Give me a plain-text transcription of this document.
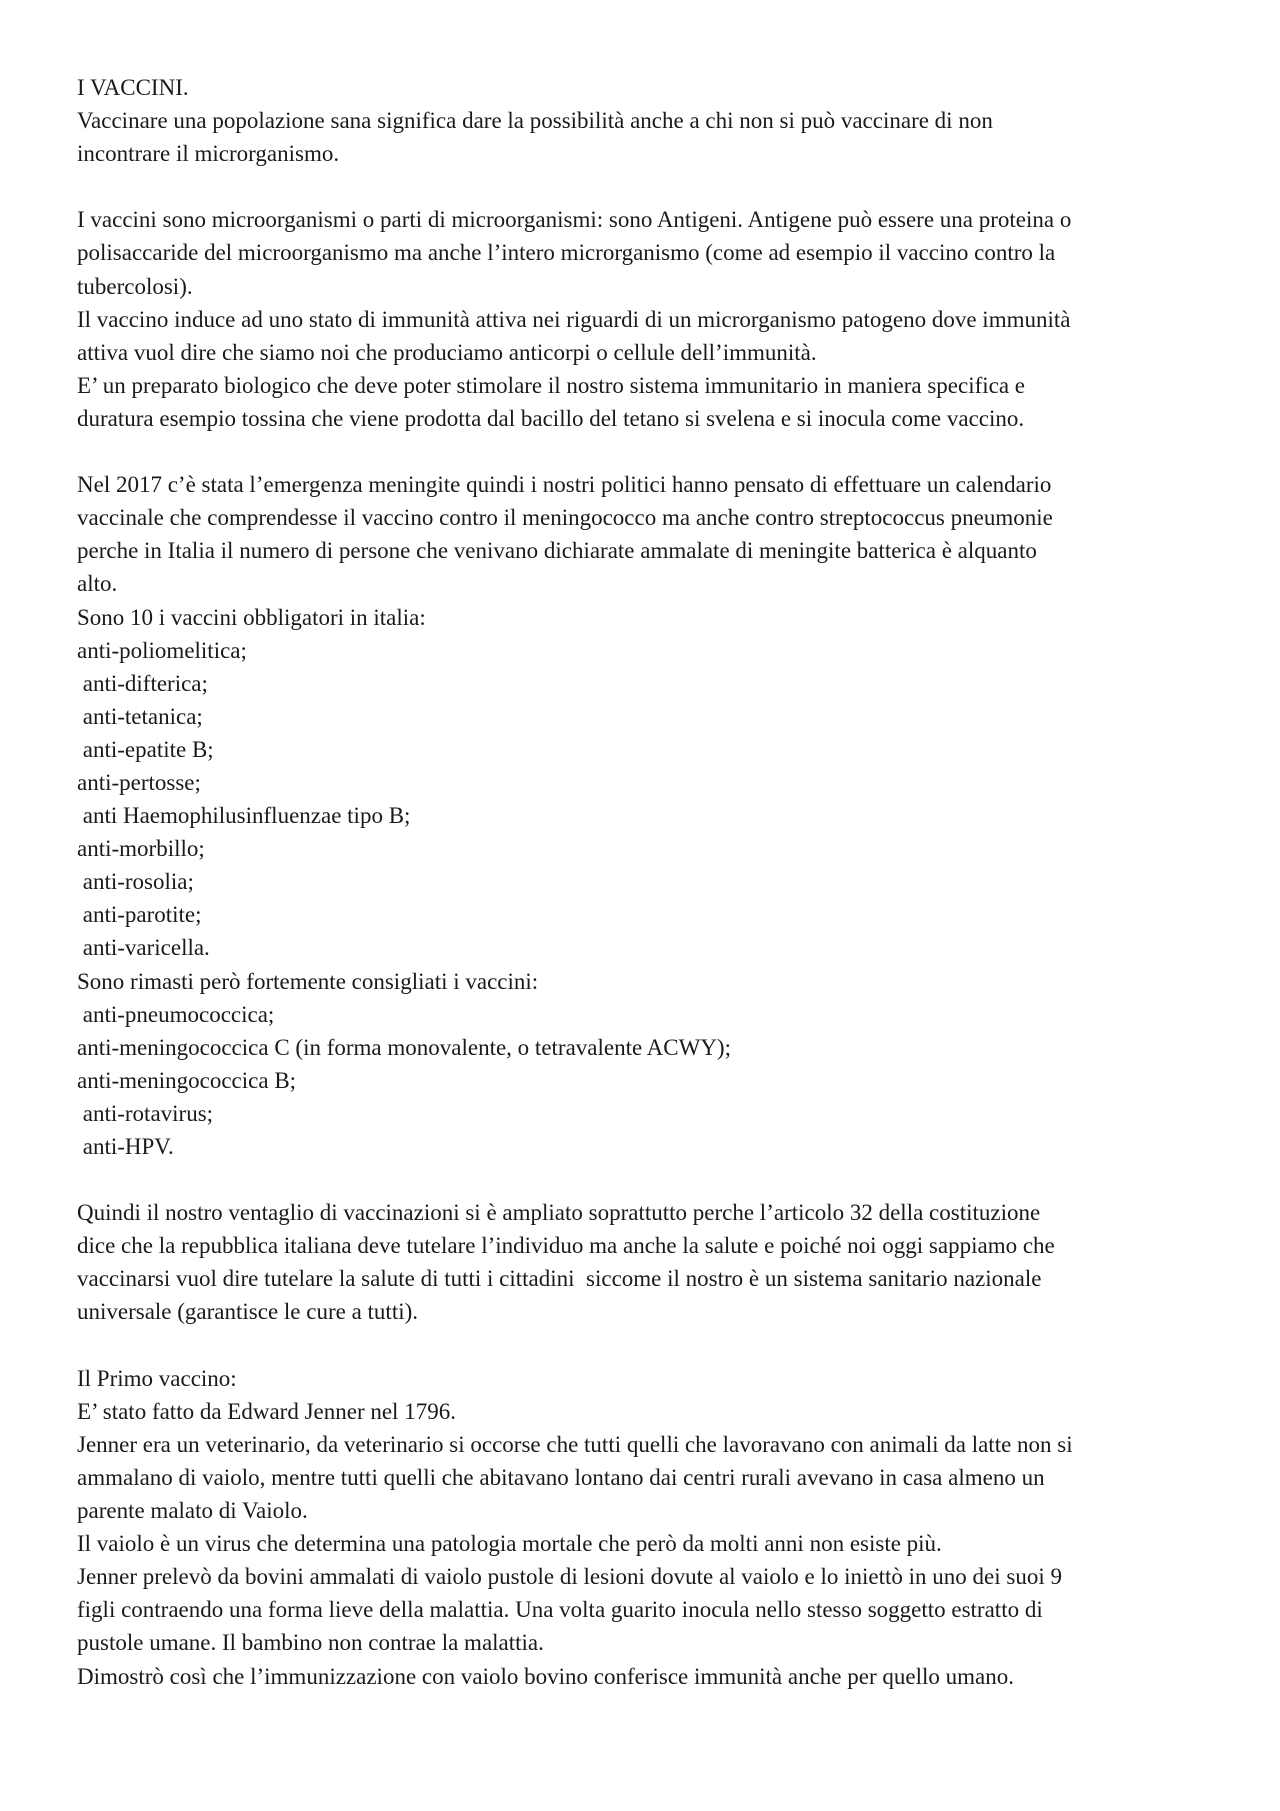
I VACCINI.
Vaccinare una popolazione sana significa dare la possibilità anche a chi non si può vaccinare di non
incontrare il microrganismo.
I vaccini sono microorganismi o parti di microorganismi: sono Antigeni. Antigene può essere una proteina o
polisaccaride del microorganismo ma anche l’intero microrganismo (come ad esempio il vaccino contro la
tubercolosi).
Il vaccino induce ad uno stato di immunità attiva nei riguardi di un microrganismo patogeno dove immunità
attiva vuol dire che siamo noi che produciamo anticorpi o cellule dell’immunità.
E’ un preparato biologico che deve poter stimolare il nostro sistema immunitario in maniera specifica e
duratura esempio tossina che viene prodotta dal bacillo del tetano si svelena e si inocula come vaccino.
Nel 2017 c’è stata l’emergenza meningite quindi i nostri politici hanno pensato di effettuare un calendario
vaccinale che comprendesse il vaccino contro il meningococco ma anche contro streptococcus pneumonie
perche in Italia il numero di persone che venivano dichiarate ammalate di meningite batterica è alquanto
alto.
Sono 10 i vaccini obbligatori in italia:
anti-poliomelitica;
anti-difterica;
anti-tetanica;
anti-epatite B;
anti-pertosse;
anti Haemophilusinfluenzae tipo B;
anti-morbillo;
anti-rosolia;
anti-parotite;
anti-varicella.
Sono rimasti però fortemente consigliati i vaccini:
anti-pneumococcica;
anti-meningococcica C (in forma monovalente, o tetravalente ACWY);
anti-meningococcica B;
anti-rotavirus;
anti-HPV.
Quindi il nostro ventaglio di vaccinazioni si è ampliato soprattutto perche l’articolo 32 della costituzione
dice che la repubblica italiana deve tutelare l’individuo ma anche la salute e poiché noi oggi sappiamo che
vaccinarsi vuol dire tutelare la salute di tutti i cittadini  siccome il nostro è un sistema sanitario nazionale
universale (garantisce le cure a tutti).
Il Primo vaccino:
E’ stato fatto da Edward Jenner nel 1796.
Jenner era un veterinario, da veterinario si occorse che tutti quelli che lavoravano con animali da latte non si
ammalano di vaiolo, mentre tutti quelli che abitavano lontano dai centri rurali avevano in casa almeno un
parente malato di Vaiolo.
Il vaiolo è un virus che determina una patologia mortale che però da molti anni non esiste più.
Jenner prelevò da bovini ammalati di vaiolo pustole di lesioni dovute al vaiolo e lo iniettò in uno dei suoi 9
figli contraendo una forma lieve della malattia. Una volta guarito inocula nello stesso soggetto estratto di
pustole umane. Il bambino non contrae la malattia.
Dimostrò così che l’immunizzazione con vaiolo bovino conferisce immunità anche per quello umano.
